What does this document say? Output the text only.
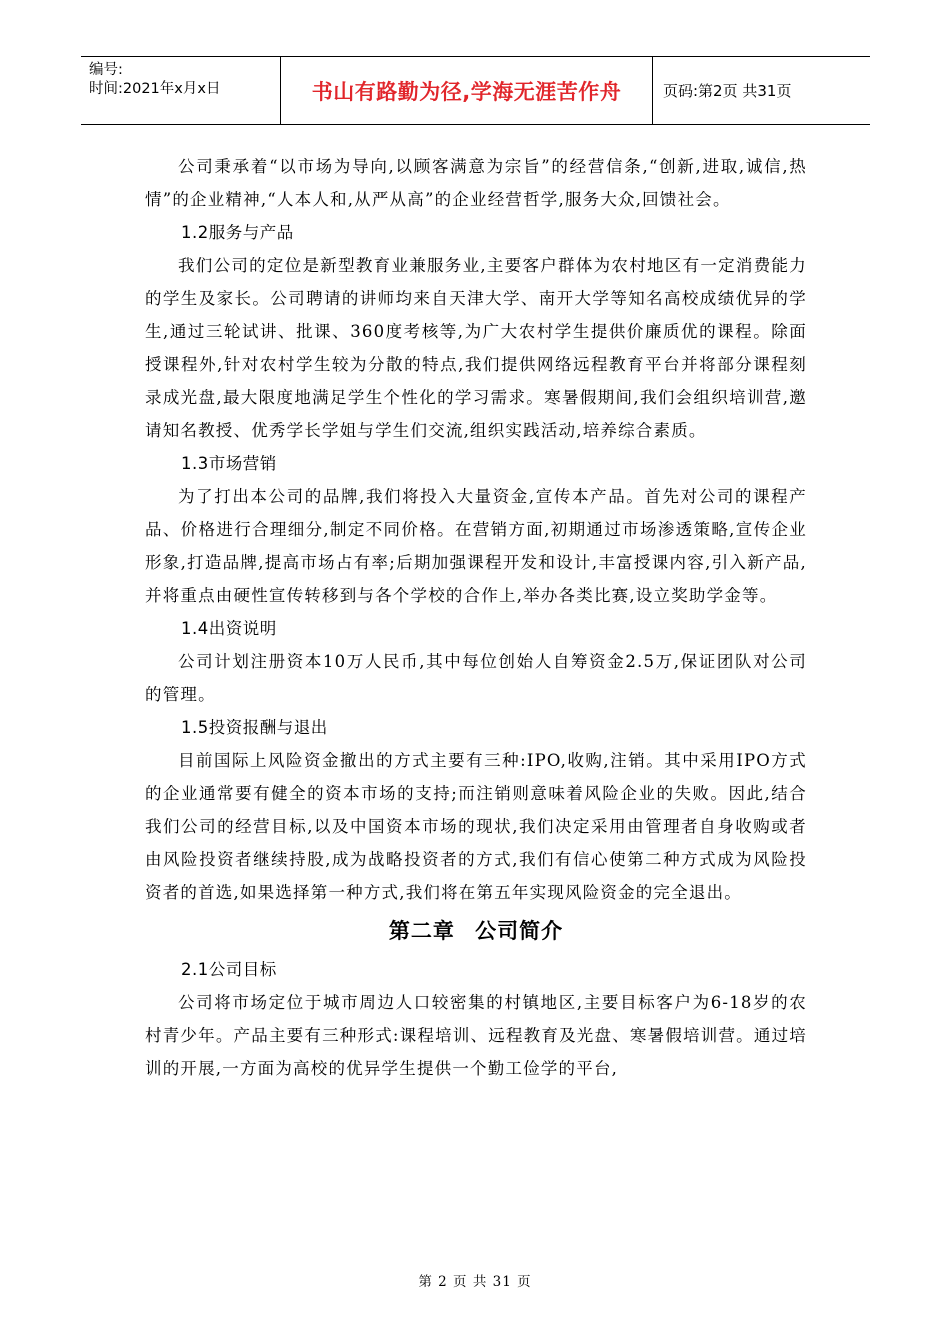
编号:
时间:2021年x月x日	书山有路勤为径,学海无涯苦作舟	页码:第2页 共31页

公司秉承着“以市场为导向,以顾客满意为宗旨”的经营信条,“创新,进取,诚信,热情”的企业精神,“人本人和,从严从高”的企业经营哲学,服务大众,回馈社会。

1.2服务与产品

我们公司的定位是新型教育业兼服务业,主要客户群体为农村地区有一定消费能力的学生及家长。公司聘请的讲师均来自天津大学、南开大学等知名高校成绩优异的学生,通过三轮试讲、批课、360度考核等,为广大农村学生提供价廉质优的课程。除面授课程外,针对农村学生较为分散的特点,我们提供网络远程教育平台并将部分课程刻录成光盘,最大限度地满足学生个性化的学习需求。寒暑假期间,我们会组织培训营,邀请知名教授、优秀学长学姐与学生们交流,组织实践活动,培养综合素质。

1.3市场营销

为了打出本公司的品牌,我们将投入大量资金,宣传本产品。首先对公司的课程产品、价格进行合理细分,制定不同价格。在营销方面,初期通过市场渗透策略,宣传企业形象,打造品牌,提高市场占有率;后期加强课程开发和设计,丰富授课内容,引入新产品,并将重点由硬性宣传转移到与各个学校的合作上,举办各类比赛,设立奖助学金等。

1.4出资说明

公司计划注册资本10万人民币,其中每位创始人自筹资金2.5万,保证团队对公司的管理。

1.5投资报酬与退出

目前国际上风险资金撤出的方式主要有三种:IPO,收购,注销。其中采用IPO方式的企业通常要有健全的资本市场的支持;而注销则意味着风险企业的失败。因此,结合我们公司的经营目标,以及中国资本市场的现状,我们决定采用由管理者自身收购或者由风险投资者继续持股,成为战略投资者的方式,我们有信心使第二种方式成为风险投资者的首选,如果选择第一种方式,我们将在第五年实现风险资金的完全退出。

第二章 公司简介
2.1公司目标

公司将市场定位于城市周边人口较密集的村镇地区,主要目标客户为6-18岁的农村青少年。产品主要有三种形式:课程培训、远程教育及光盘、寒暑假培训营。通过培训的开展,一方面为高校的优异学生提供一个勤工俭学的平台,

第 2 页 共 31 页
